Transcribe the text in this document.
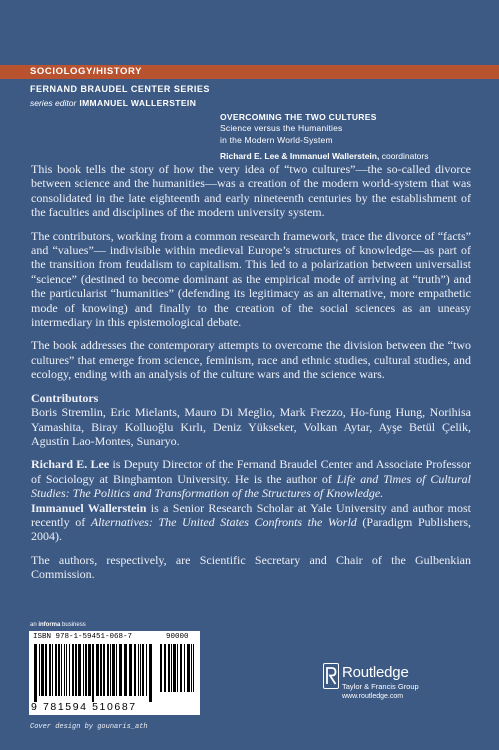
SOCIOLOGY/HISTORY
FERNAND BRAUDEL CENTER SERIES
series editor IMMANUEL WALLERSTEIN
OVERCOMING THE TWO CULTURES
Science versus the Humanities
in the Modern World-System
Richard E. Lee & Immanuel Wallerstein, coordinators

This book tells the story of how the very idea of “two cultures”—the so-called divorce between science and the humanities—was a creation of the modern world-system that was consolidated in the late eighteenth and early nineteenth centuries by the establishment of the faculties and disciplines of the modern university system.

The contributors, working from a common research framework, trace the divorce of “facts” and “values”— indivisible within medieval Europe’s structures of knowledge—as part of the transition from feudalism to capitalism. This led to a polarization between universalist “science” (destined to become dominant as the empirical mode of arriving at “truth”) and the particularist “humanities” (defending its legitimacy as an alternative, more empathetic mode of knowing) and finally to the creation of the social sciences as an uneasy intermediary in this epistemological debate.

The book addresses the contemporary attempts to overcome the division between the “two cultures” that emerge from science, feminism, race and ethnic studies, cultural studies, and ecology, ending with an analysis of the culture wars and the science wars.

Contributors
Boris Stremlin, Eric Mielants, Mauro Di Meglio, Mark Frezzo, Ho-fung Hung, Norihisa Yamashita, Biray Kolluoğlu Kırlı, Deniz Yükseker, Volkan Aytar, Ayşe Betül Çelik, Agustín Lao-Montes, Sunaryo.

Richard E. Lee is Deputy Director of the Fernand Braudel Center and Associate Professor of Sociology at Binghamton University. He is the author of Life and Times of Cultural Studies: The Politics and Transformation of the Structures of Knowledge.

Immanuel Wallerstein is a Senior Research Scholar at Yale University and author most recently of Alternatives: The United States Confronts the World (Paradigm Publishers, 2004).

The authors, respectively, are Scientific Secretary and Chair of the Gulbenkian Commission.

an informa business
ISBN 978-1-59451-068-7	90000
9 781594 510687
Routledge
Taylor & Francis Group
www.routledge.com
Cover design by gounaris_ath
